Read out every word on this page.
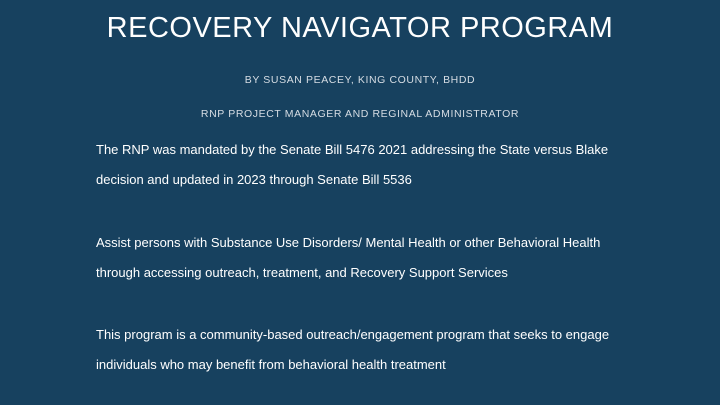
RECOVERY NAVIGATOR PROGRAM
BY SUSAN PEACEY, KING COUNTY, BHDD
RNP PROJECT MANAGER AND REGINAL ADMINISTRATOR
The RNP was mandated by the Senate Bill 5476 2021 addressing the State versus Blake
decision and updated in 2023 through Senate Bill 5536
Assist persons with Substance Use Disorders/ Mental Health or other Behavioral Health
through accessing outreach, treatment, and Recovery Support Services
This program is a community-based outreach/engagement program that seeks to engage
individuals who may benefit from behavioral health treatment
